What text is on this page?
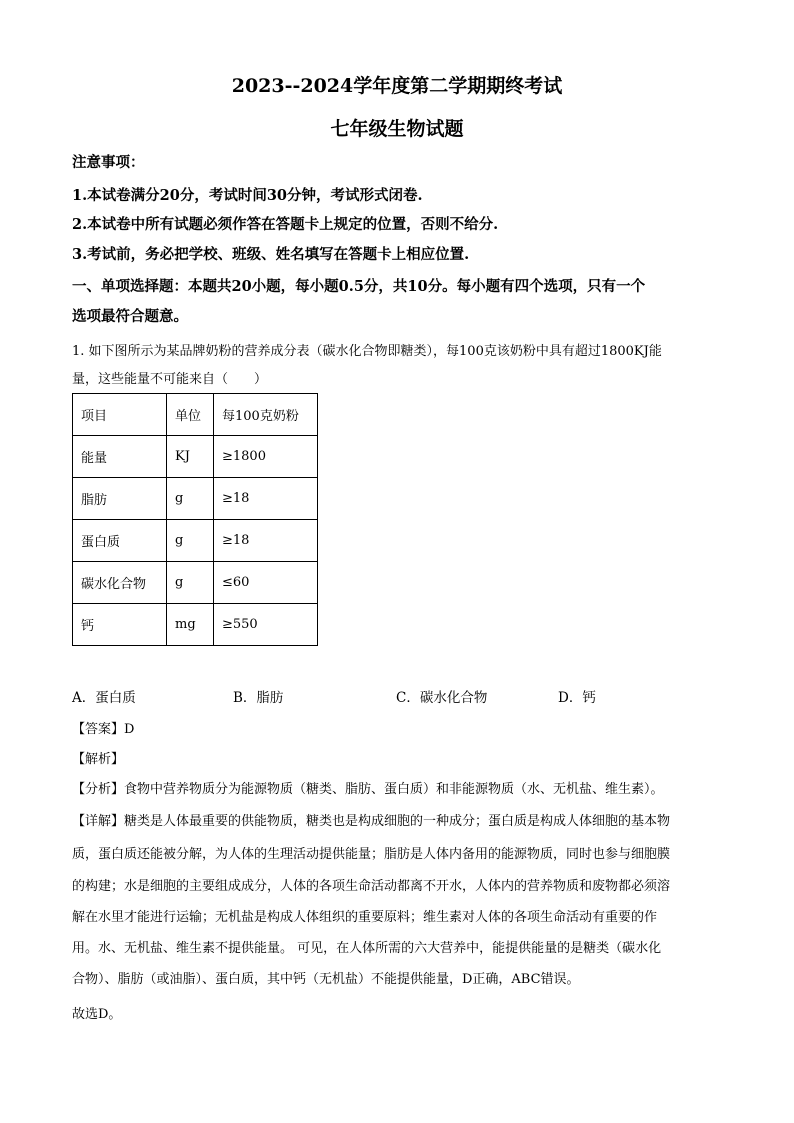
2023--2024学年度第二学期期终考试
七年级生物试题
注意事项：
1.本试卷满分20分，考试时间30分钟，考试形式闭卷.
2.本试卷中所有试题必须作答在答题卡上规定的位置，否则不给分.
3.考试前，务必把学校、班级、姓名填写在答题卡上相应位置.
一、单项选择题：本题共20小题，每小题0.5分，共10分。每小题有四个选项，只有一个
选项最符合题意。
1. 如下图所示为某品牌奶粉的营养成分表（碳水化合物即糖类），每100克该奶粉中具有超过1800KJ能
量，这些能量不可能来自（　　）
项目	单位	每100克奶粉
能量	KJ	≥1800
脂肪	g	≥18
蛋白质	g	≥18
碳水化合物	g	≤60
钙	mg	≥550
A．蛋白质	B．脂肪	C．碳水化合物	D．钙
【答案】D
【解析】
【分析】食物中营养物质分为能源物质（糖类、脂肪、蛋白质）和非能源物质（水、无机盐、维生素）。
【详解】糖类是人体最重要的供能物质，糖类也是构成细胞的一种成分；蛋白质是构成人体细胞的基本物
质，蛋白质还能被分解，为人体的生理活动提供能量；脂肪是人体内备用的能源物质，同时也参与细胞膜
的构建；水是细胞的主要组成成分，人体的各项生命活动都离不开水，人体内的营养物质和废物都必须溶
解在水里才能进行运输；无机盐是构成人体组织的重要原料；维生素对人体的各项生命活动有重要的作
用。水、无机盐、维生素不提供能量。 可见，在人体所需的六大营养中，能提供能量的是糖类（碳水化
合物）、脂肪（或油脂）、蛋白质，其中钙（无机盐）不能提供能量，D正确，ABC错误。
故选D。
